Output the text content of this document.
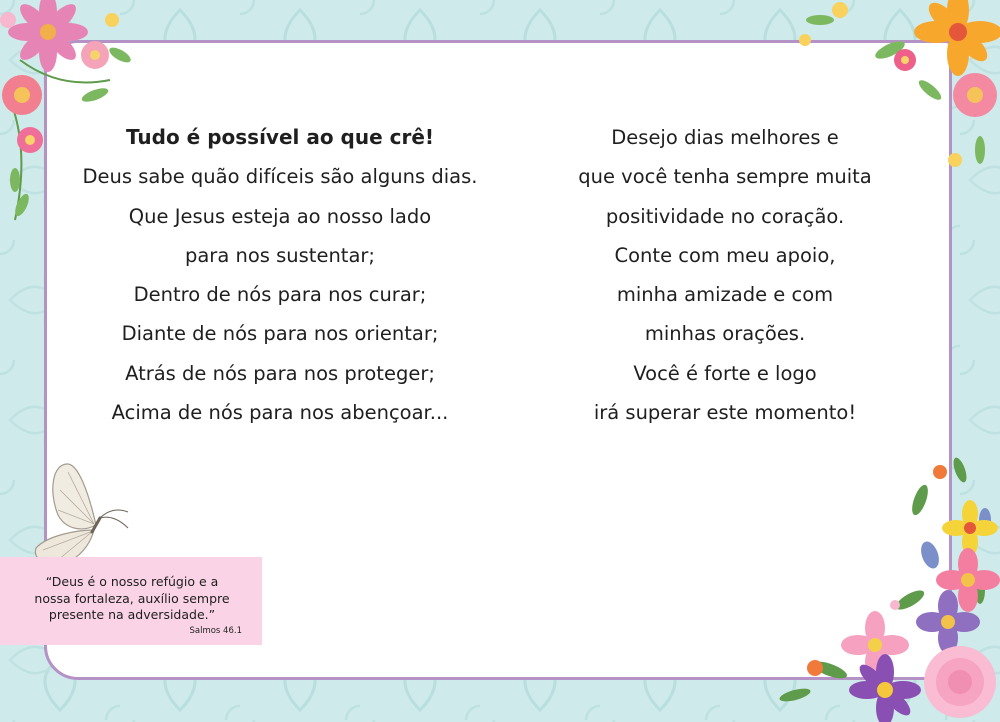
Tudo é possível ao que crê!
Deus sabe quão difíceis são alguns dias.
Que Jesus esteja ao nosso lado
para nos sustentar;
Dentro de nós para nos curar;
Diante de nós para nos orientar;
Atrás de nós para nos proteger;
Acima de nós para nos abençoar...
Desejo dias melhores e
que você tenha sempre muita
positividade no coração.
Conte com meu apoio,
minha amizade e com
minhas orações.
Você é forte e logo
irá superar este momento!
“Deus é o nosso refúgio e a
nossa fortaleza, auxílio sempre
presente na adversidade.”
Salmos 46.1
